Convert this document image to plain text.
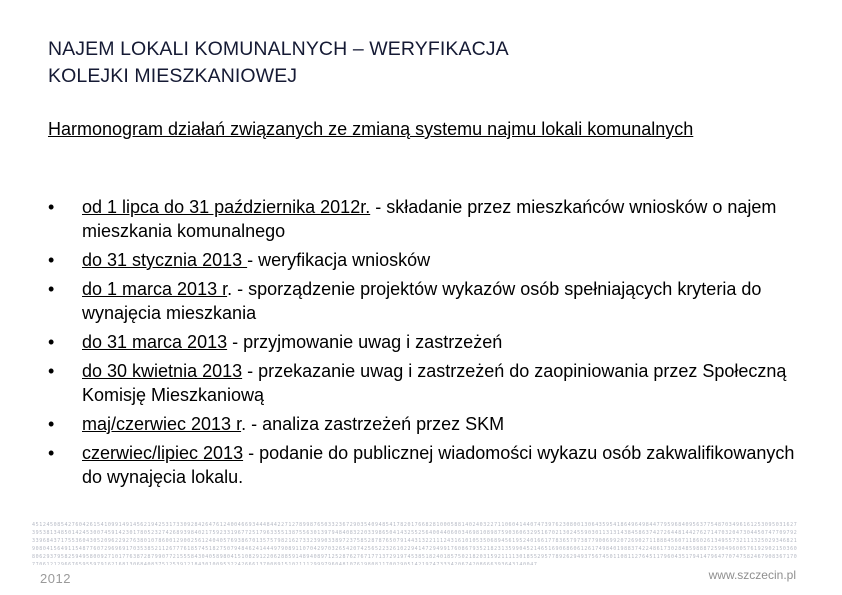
NAJEM LOKALI KOMUNALNYCH – WERYFIKACJA
KOLEJKI MIESZKANIOWEJ
Harmonogram działań związanych ze zmianą systemu najmu lokali komunalnych
• od 1 lipca do 31 października 2012r. - składanie przez mieszkańców wniosków o najem mieszkania komunalnego
• do 31 stycznia 2013 - weryfikacja wniosków
• do 1 marca 2013 r. - sporządzenie projektów wykazów osób spełniających kryteria do wynajęcia mieszkania
• do 31 marca 2013 - przyjmowanie uwag i zastrzeżeń
• do 30 kwietnia 2013 - przekazanie uwag i zastrzeżeń do zaopiniowania przez Społeczną Komisję Mieszkaniową
• maj/czerwiec 2013 r. - analiza zastrzeżeń przez SKM
• czerwiec/lipiec 2013 - podanie do publicznej wiadomości wykazu osób zakwalifikowanych do wynajęcia lokalu.
451245085427604261541099149145621942531733092842647612400466934448442271278998765033236729035409485417820176682810005881402403227110604144074739762308001306435954186496498447795968409563775487034961612530950316273953813485014245300745914230178052327426893984021759233196772517963355138755630139794840832203398650414325525640044060034698108987590360632951670213024559030113131438458637427264481442762714703204730445074770979233968437175536043052096229276380107860012900256124040576938670135757982162733239903389723758528787650791443132211124316101053506894561952401661778365797387790069920726902711888456071186026134955732111325029346821908041564911548776072969691703538521126777618574518275079484624144497908911070429703265420742565223261022941472949917608679352182313599045214651690686061261749840198837422486173028485988872590496005761929021503608062937958259495800927101776387287990772155584304058980415108291220628859148940897125287627671771372919745385182401857502182031592111130185529577892629493756745011081127645117960435179414796477074758246790836717077061212966765955979162168130684083751253912184301009532242666137008915102111299979604810761980811700290514219747333420674208666393643140047
2012	www.szczecin.pl
